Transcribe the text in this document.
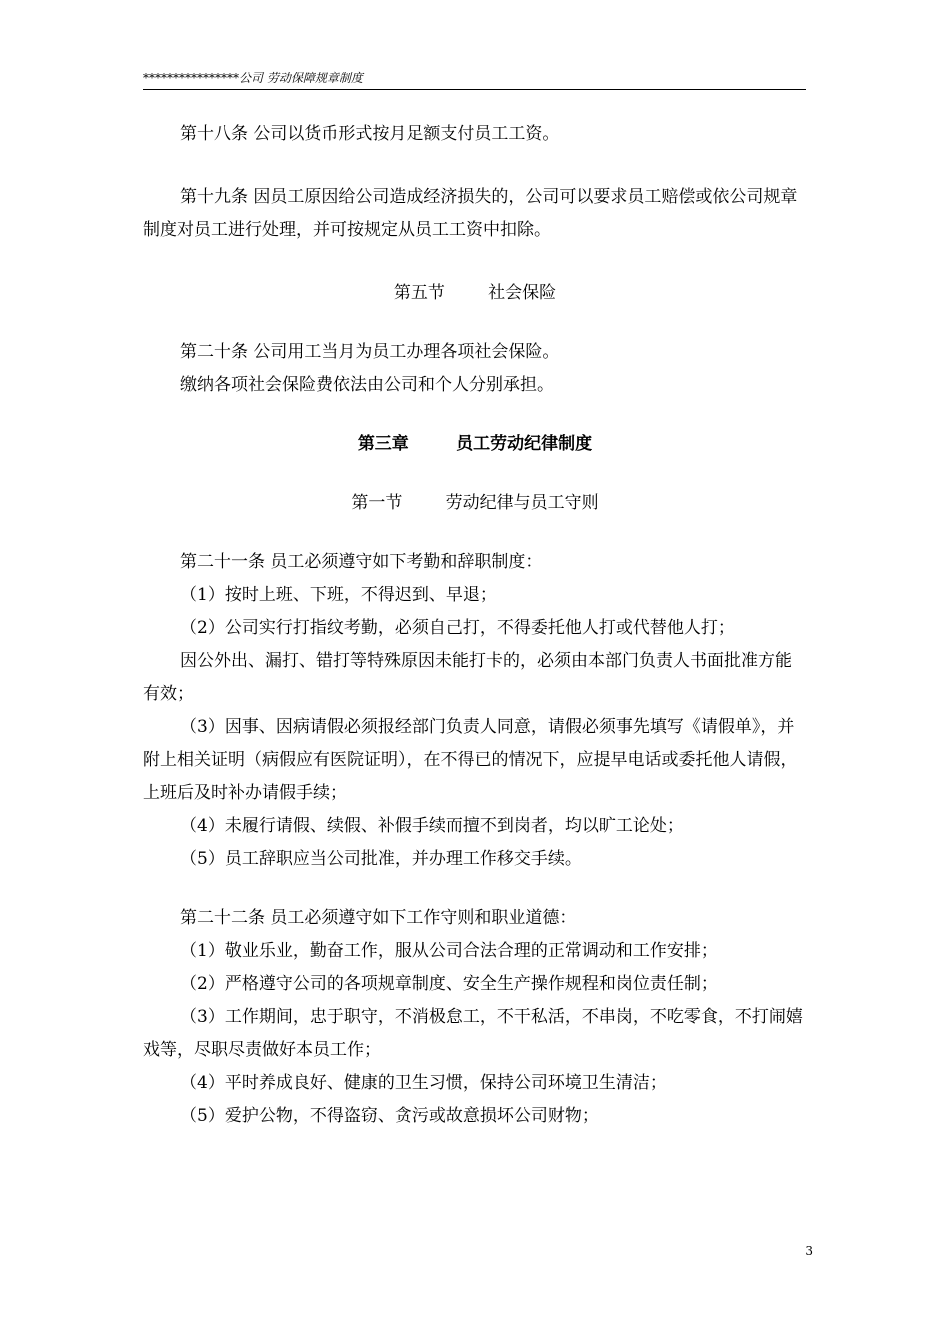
****************公司 劳动保障规章制度
第十八条 公司以货币形式按月足额支付员工工资。
第十九条 因员工原因给公司造成经济损失的，公司可以要求员工赔偿或依公司规章制度对员工进行处理，并可按规定从员工工资中扣除。
第五节        社会保险
第二十条 公司用工当月为员工办理各项社会保险。
缴纳各项社会保险费依法由公司和个人分别承担。
第三章        员工劳动纪律制度
第一节        劳动纪律与员工守则
第二十一条 员工必须遵守如下考勤和辞职制度：
（1）按时上班、下班，不得迟到、早退；
（2）公司实行打指纹考勤，必须自己打，不得委托他人打或代替他人打；
因公外出、漏打、错打等特殊原因未能打卡的，必须由本部门负责人书面批准方能有效；
（3）因事、因病请假必须报经部门负责人同意，请假必须事先填写《请假单》，并附上相关证明（病假应有医院证明），在不得已的情况下，应提早电话或委托他人请假，上班后及时补办请假手续；
（4）未履行请假、续假、补假手续而擅不到岗者，均以旷工论处；
（5）员工辞职应当公司批准，并办理工作移交手续。
第二十二条 员工必须遵守如下工作守则和职业道德：
（1）敬业乐业，勤奋工作，服从公司合法合理的正常调动和工作安排；
（2）严格遵守公司的各项规章制度、安全生产操作规程和岗位责任制；
（3）工作期间，忠于职守，不消极怠工，不干私活，不串岗，不吃零食，不打闹嬉戏等，尽职尽责做好本员工作；
（4）平时养成良好、健康的卫生习惯，保持公司环境卫生清洁；
（5）爱护公物，不得盗窃、贪污或故意损坏公司财物；
3
